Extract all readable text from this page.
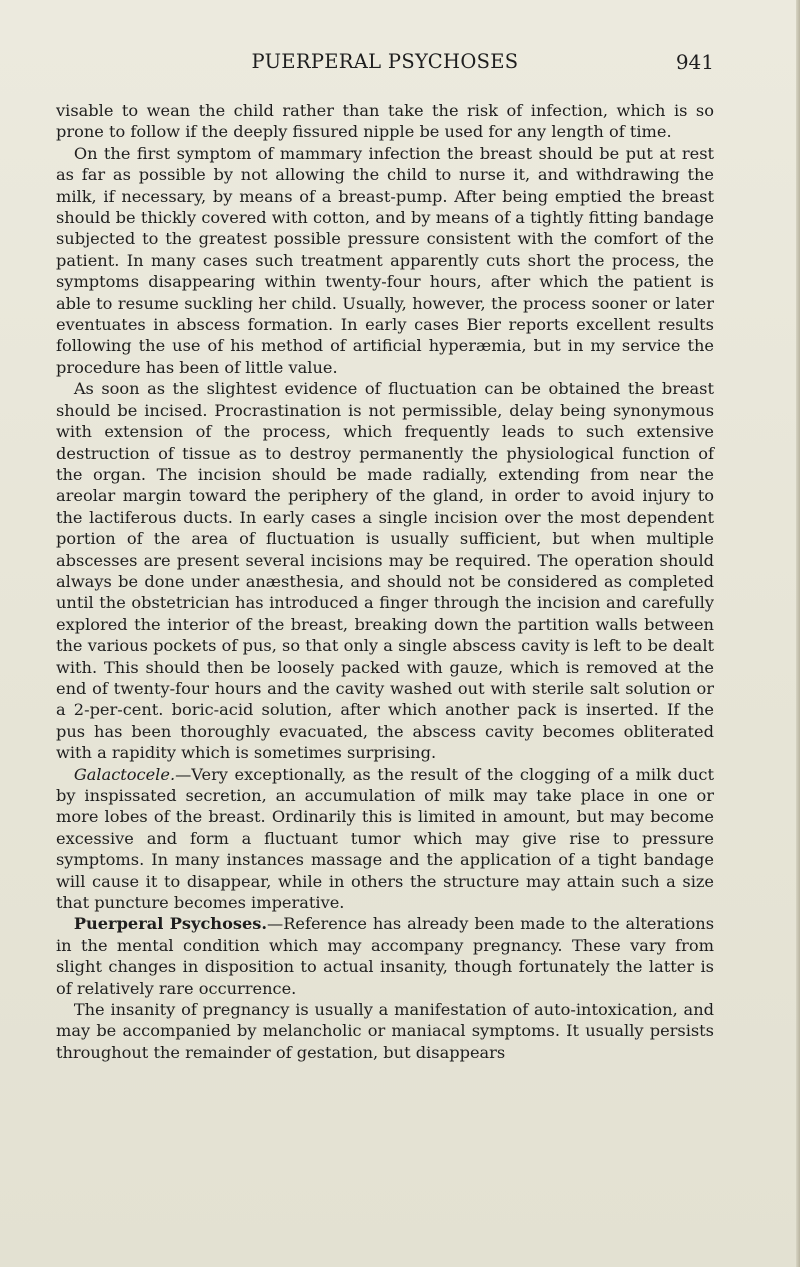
PUERPERAL PSYCHOSES	941

visable to wean the child rather than take the risk of infection, which is so prone to follow if the deeply fissured nipple be used for any length of time.

On the first symptom of mammary infection the breast should be put at rest as far as possible by not allowing the child to nurse it, and withdrawing the milk, if necessary, by means of a breast-pump. After being emptied the breast should be thickly covered with cotton, and by means of a tightly fitting bandage subjected to the greatest possible pressure consistent with the comfort of the patient. In many cases such treatment apparently cuts short the process, the symptoms disappearing within twenty-four hours, after which the patient is able to resume suckling her child. Usually, however, the process sooner or later eventuates in abscess formation. In early cases Bier reports excellent results following the use of his method of artificial hyperæmia, but in my service the procedure has been of little value.

As soon as the slightest evidence of fluctuation can be obtained the breast should be incised. Procrastination is not permissible, delay being synonymous with extension of the process, which frequently leads to such extensive destruction of tissue as to destroy permanently the physiological function of the organ. The incision should be made radially, extending from near the areolar margin toward the periphery of the gland, in order to avoid injury to the lactiferous ducts. In early cases a single incision over the most dependent portion of the area of fluctuation is usually sufficient, but when multiple abscesses are present several incisions may be required. The operation should always be done under anæsthesia, and should not be considered as completed until the obstetrician has introduced a finger through the incision and carefully explored the interior of the breast, breaking down the partition walls between the various pockets of pus, so that only a single abscess cavity is left to be dealt with. This should then be loosely packed with gauze, which is removed at the end of twenty-four hours and the cavity washed out with sterile salt solution or a 2-per-cent. boric-acid solution, after which another pack is inserted. If the pus has been thoroughly evacuated, the abscess cavity becomes obliterated with a rapidity which is sometimes surprising.

Galactocele.—Very exceptionally, as the result of the clogging of a milk duct by inspissated secretion, an accumulation of milk may take place in one or more lobes of the breast. Ordinarily this is limited in amount, but may become excessive and form a fluctuant tumor which may give rise to pressure symptoms. In many instances massage and the application of a tight bandage will cause it to disappear, while in others the structure may attain such a size that puncture becomes imperative.

Puerperal Psychoses.—Reference has already been made to the alterations in the mental condition which may accompany pregnancy. These vary from slight changes in disposition to actual insanity, though fortunately the latter is of relatively rare occurrence.

The insanity of pregnancy is usually a manifestation of auto-intoxication, and may be accompanied by melancholic or maniacal symptoms. It usually persists throughout the remainder of gestation, but disappears
